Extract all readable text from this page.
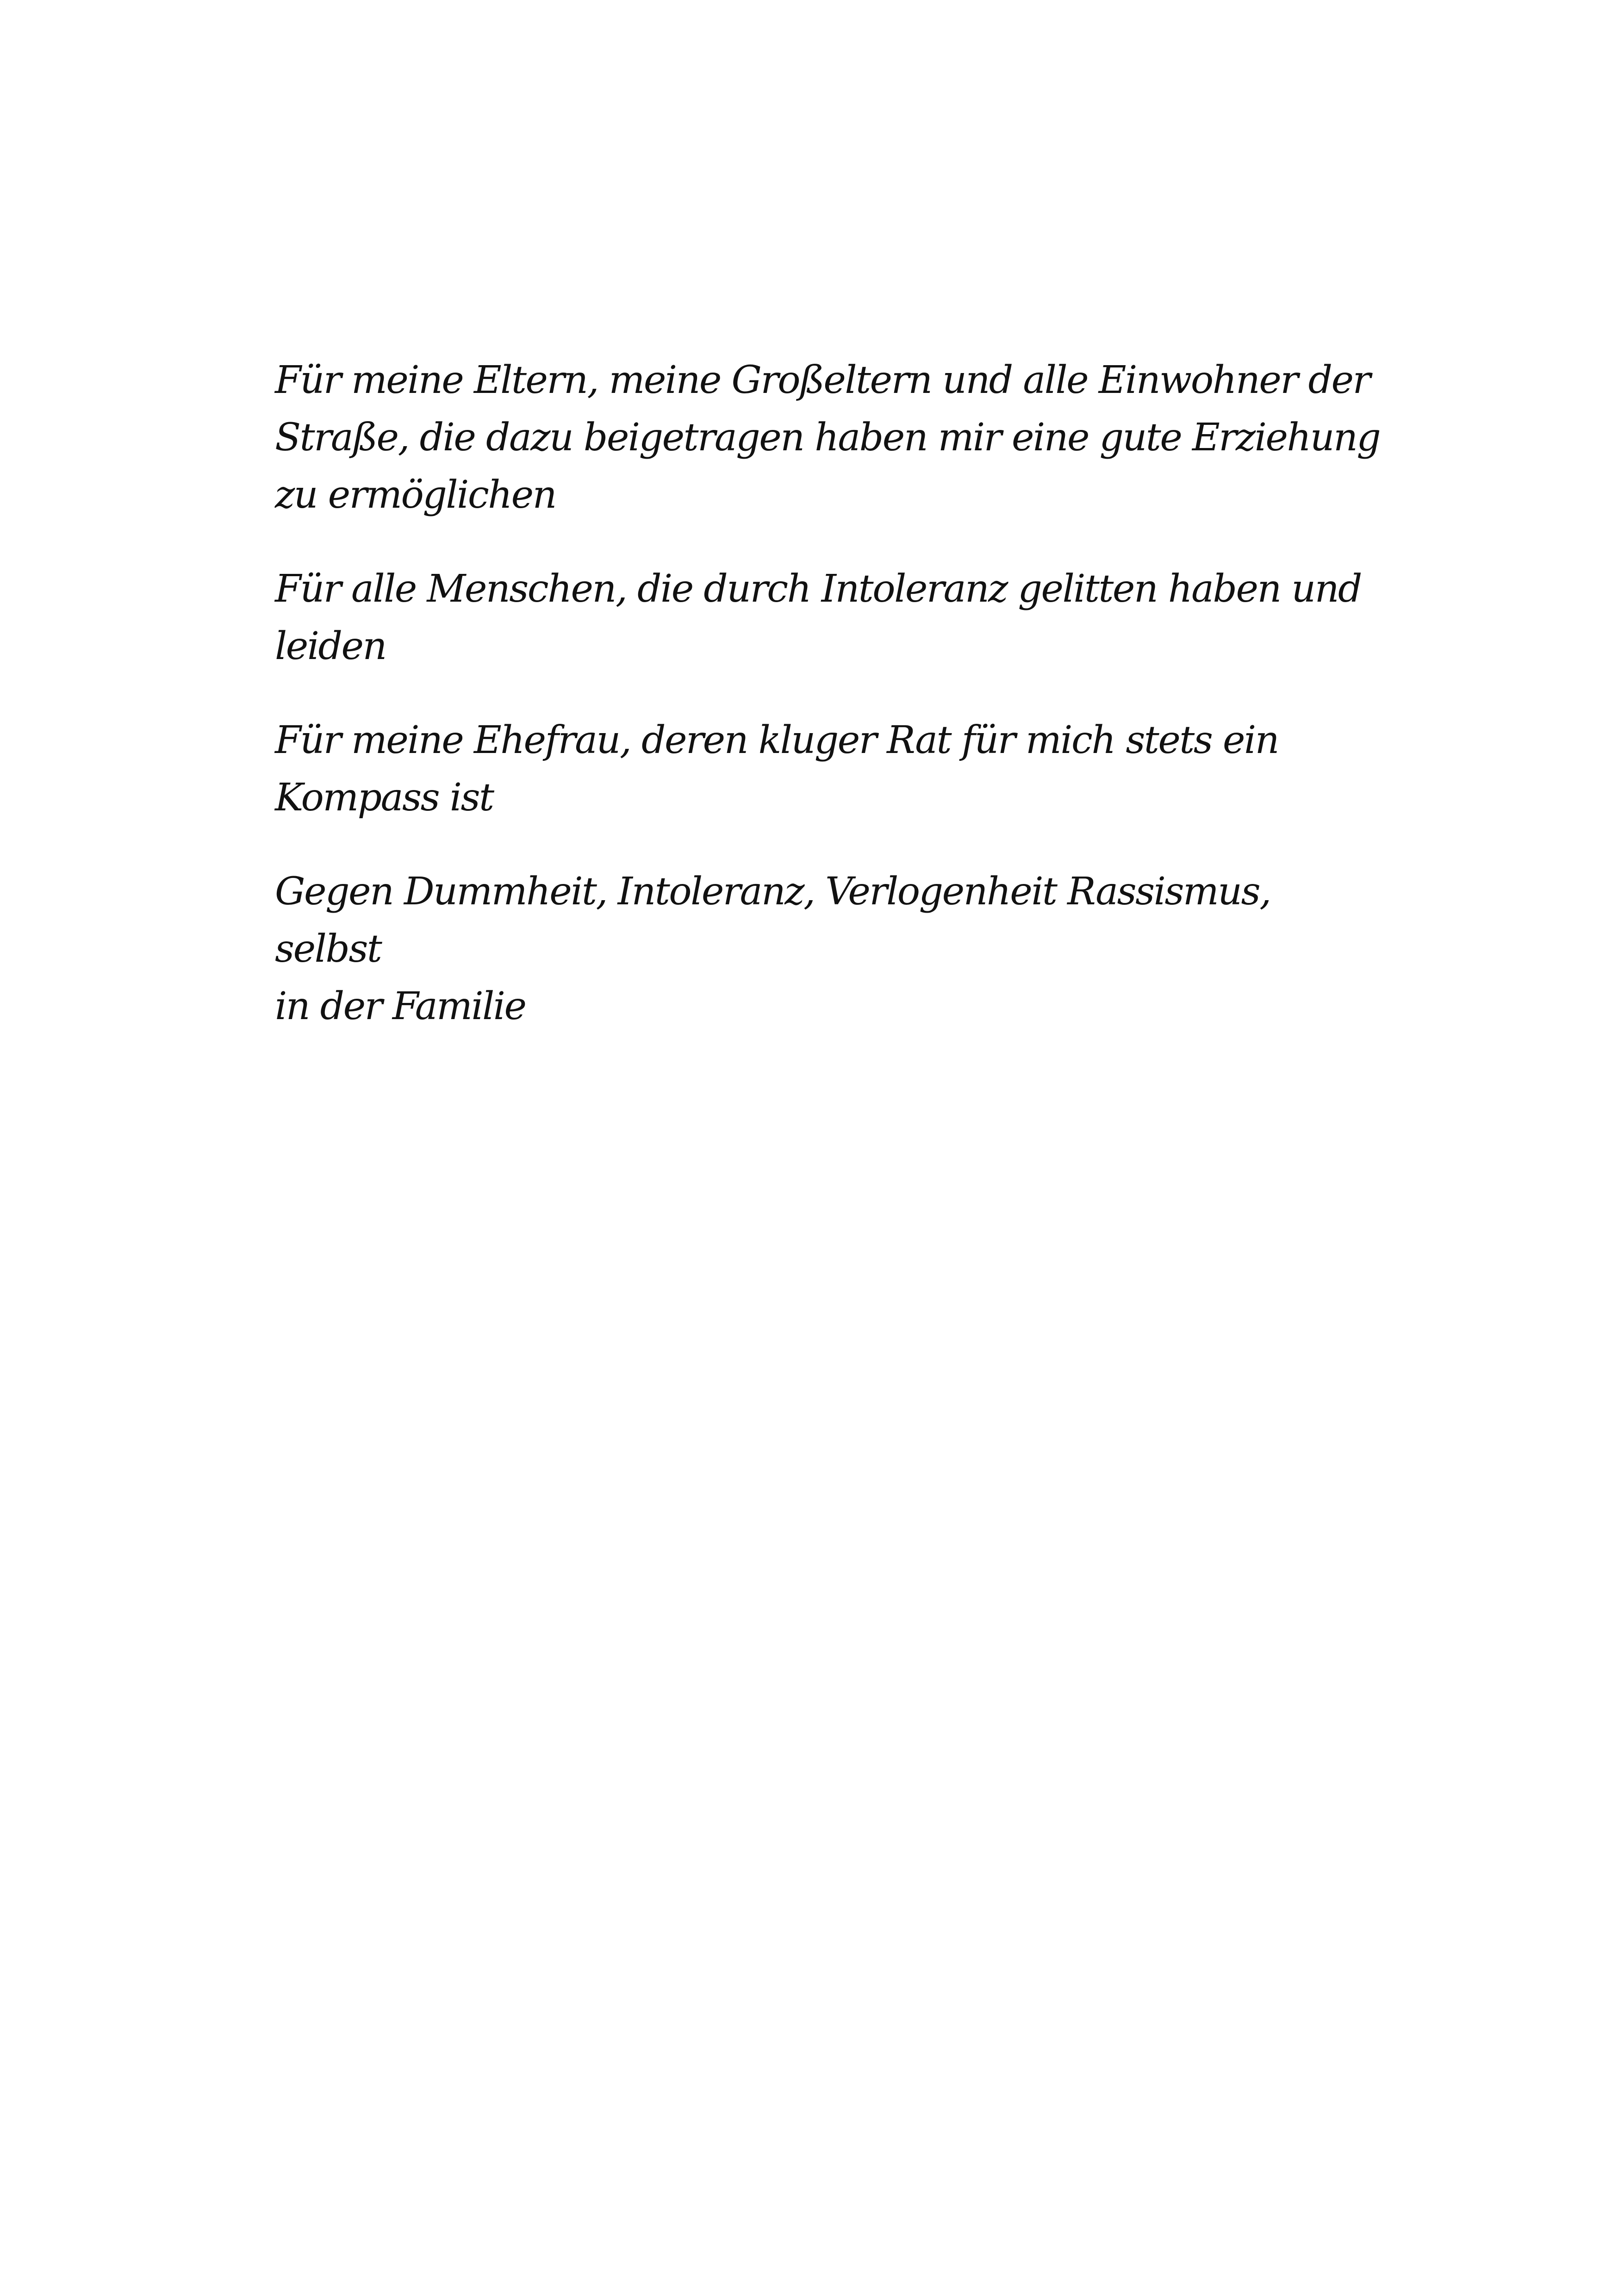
Für meine Eltern, meine Großeltern und alle Einwohner der
Straße, die dazu beigetragen haben mir eine gute Erziehung
zu ermöglichen

Für alle Menschen, die durch Intoleranz gelitten haben und
leiden

Für meine Ehefrau, deren kluger Rat für mich stets ein
Kompass ist

Gegen Dummheit, Intoleranz, Verlogenheit Rassismus, selbst
in der Familie
